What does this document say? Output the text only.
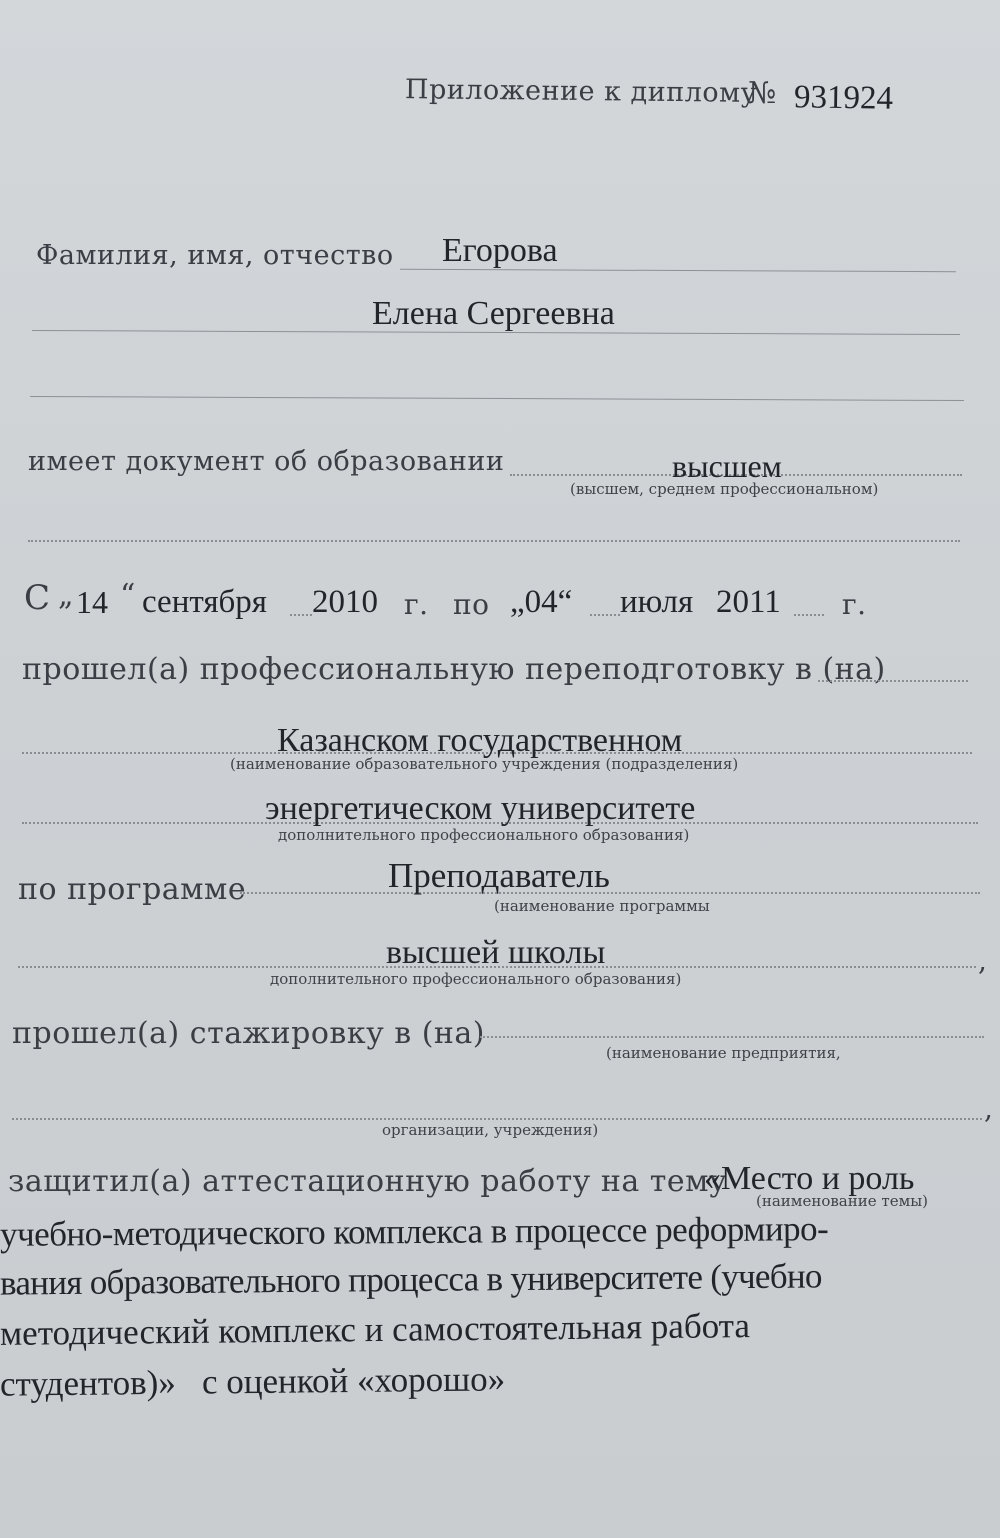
Приложение к диплому
№ 931924
Фамилия, имя, отчество Егорова
Елена Сергеевна
имеет документ об образовании	высшем
(высшем, среднем профессиональном)
С „ 14 “ сентября 2010 г. по „04“ июля 2011 г.
прошел(а) профессиональную переподготовку в (на)
Казанском государственном
(наименование образовательного учреждения (подразделения)
энергетическом университете
дополнительного профессионального образования)
по программе	Преподаватель
(наименование программы
высшей школы	,
дополнительного профессионального образования)
прошел(а) стажировку в (на)
(наименование предприятия,
,
организации, учреждения)
защитил(а) аттестационную работу на тему
«Место и роль
(наименование темы)
учебно-методического комплекса в процессе реформиро-
вания образовательного процесса в университете (учебно
методический комплекс и самостоятельная работа
студентов)»   с оценкой «хорошо»
